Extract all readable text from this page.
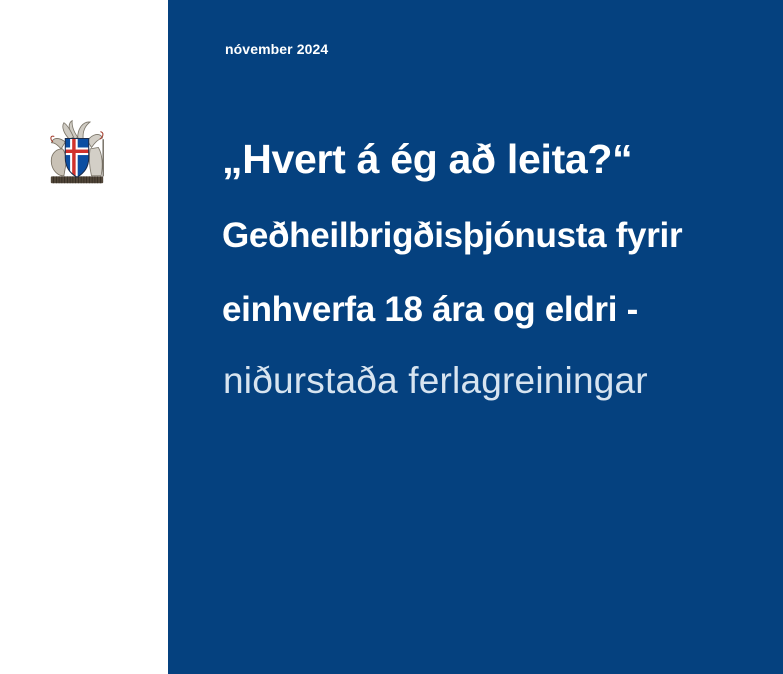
nóvember 2024
„Hvert á ég að leita?“
Geðheilbrigðisþjónusta fyrir
einhverfa 18 ára og eldri -
niðurstaða ferlagreiningar
